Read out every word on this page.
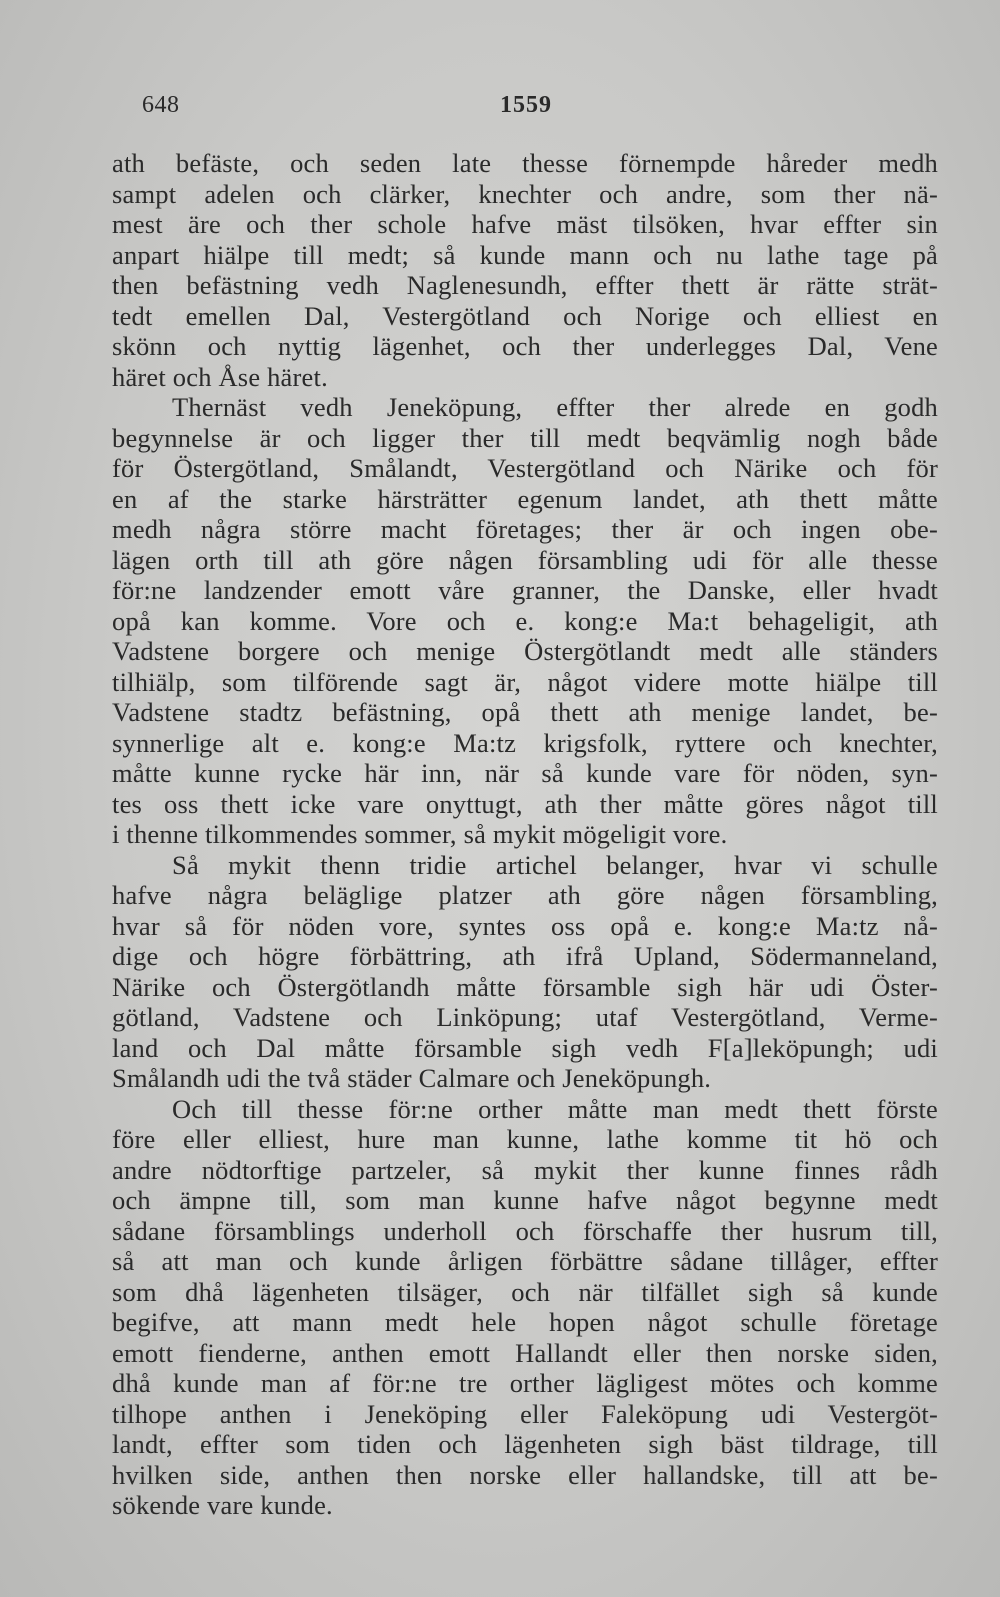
648	1559
ath befäste, och seden late thesse förnempde håreder medh
sampt adelen och clärker, knechter och andre, som ther nä-
mest äre och ther schole hafve mäst tilsöken, hvar effter sin
anpart hiälpe till medt; så kunde mann och nu lathe tage på
then befästning vedh Naglenesundh, effter thett är rätte strät-
tedt emellen Dal, Vestergötland och Norige och elliest en
skönn och nyttig lägenhet, och ther underlegges Dal, Vene
häret och Åse häret.
Thernäst vedh Jeneköpung, effter ther alrede en godh
begynnelse är och ligger ther till medt beqvämlig nogh både
för Östergötland, Smålandt, Vestergötland och Närike och för
en af the starke härsträtter egenum landet, ath thett måtte
medh några större macht företages; ther är och ingen obe-
lägen orth till ath göre någen försambling udi för alle thesse
för:ne landzender emott våre granner, the Danske, eller hvadt
opå kan komme. Vore och e. kong:e Ma:t behageligit, ath
Vadstene borgere och menige Östergötlandt medt alle ständers
tilhiälp, som tilförende sagt är, något videre motte hiälpe till
Vadstene stadtz befästning, opå thett ath menige landet, be-
synnerlige alt e. kong:e Ma:tz krigsfolk, ryttere och knechter,
måtte kunne rycke här inn, när så kunde vare för nöden, syn-
tes oss thett icke vare onyttugt, ath ther måtte göres något till
i thenne tilkommendes sommer, så mykit mögeligit vore.
Så mykit thenn tridie artichel belanger, hvar vi schulle
hafve några beläglige platzer ath göre någen försambling,
hvar så för nöden vore, syntes oss opå e. kong:e Ma:tz nå-
dige och högre förbättring, ath ifrå Upland, Södermanneland,
Närike och Östergötlandh måtte församble sigh här udi Öster-
götland, Vadstene och Linköpung; utaf Vestergötland, Verme-
land och Dal måtte församble sigh vedh F[a]leköpungh; udi
Smålandh udi the två städer Calmare och Jeneköpungh.
Och till thesse för:ne orther måtte man medt thett förste
före eller elliest, hure man kunne, lathe komme tit hö och
andre nödtorftige partzeler, så mykit ther kunne finnes rådh
och ämpne till, som man kunne hafve något begynne medt
sådane församblings underholl och förschaffe ther husrum till,
så att man och kunde årligen förbättre sådane tillåger, effter
som dhå lägenheten tilsäger, och när tilfället sigh så kunde
begifve, att mann medt hele hopen något schulle företage
emott fienderne, anthen emott Hallandt eller then norske siden,
dhå kunde man af för:ne tre orther lägligest mötes och komme
tilhope anthen i Jeneköping eller Faleköpung udi Vestergöt-
landt, effter som tiden och lägenheten sigh bäst tildrage, till
hvilken side, anthen then norske eller hallandske, till att be-
sökende vare kunde.
